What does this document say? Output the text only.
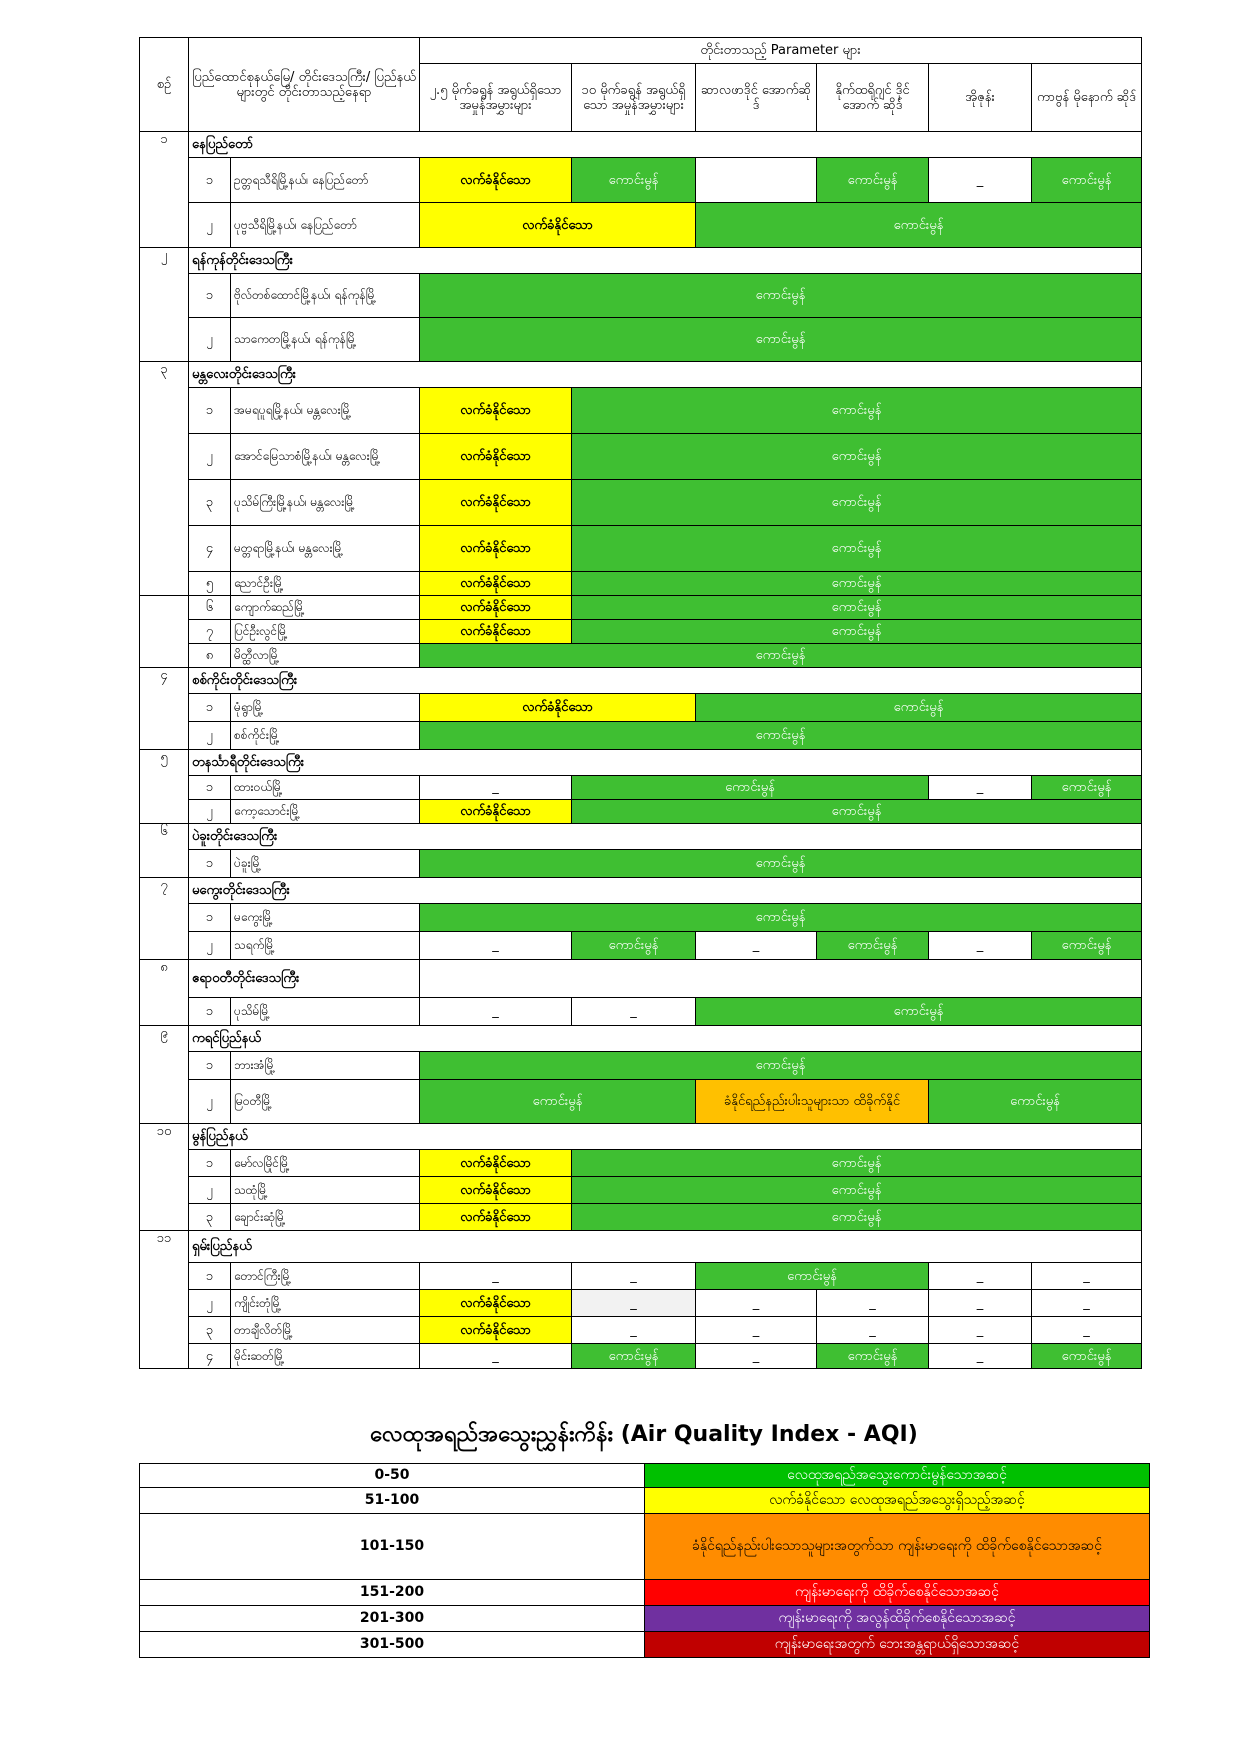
စဉ်	ပြည်ထောင်စုနယ်မြေ/ တိုင်းဒေသကြီး/ ပြည်နယ်များတွင် တိုင်းတာသည့်နေရာ		တိုင်းတာသည့် Parameter များ					
			၂.၅ မိုက်ခရွန် အရွယ်ရှိသော အမှုန်အမွှားများ	၁၀ မိုက်ခရွန် အရွယ်ရှိသော အမှုန်အမွှားများ	ဆာလဖာဒိုင် အောက်ဆိုဒ်	နိုက်ထရိုဂျင် ဒိုင်အောက် ဆိုဒ်	အိုဇုန်း	ကာဗွန် မိုနောက် ဆိုဒ်
၁	နေပြည်တော်							
	၁	ဥတ္တရသီရိမြို့နယ်၊ နေပြည်တော်	လက်ခံနိုင်သော	ကောင်းမွန်		ကောင်းမွန်	_	ကောင်းမွန်
	၂	ပုဗ္ဗသီရိမြို့နယ်၊ နေပြည်တော်	လက်ခံနိုင်သော		ကောင်းမွန်			
၂	ရန်ကုန်တိုင်းဒေသကြီး							
	၁	ဗိုလ်တစ်ထောင်မြို့နယ်၊ ရန်ကုန်မြို့	ကောင်းမွန်					
	၂	သာကေတမြို့နယ်၊ ရန်ကုန်မြို့	ကောင်းမွန်					
၃	မန္တလေးတိုင်းဒေသကြီး							
	၁	အမရပူရမြို့နယ်၊ မန္တလေးမြို့	လက်ခံနိုင်သော	ကောင်းမွန်				
	၂	အောင်မြေသာစံမြို့နယ်၊ မန္တလေးမြို့	လက်ခံနိုင်သော	ကောင်းမွန်				
	၃	ပုသိမ်ကြီးမြို့နယ်၊ မန္တလေးမြို့	လက်ခံနိုင်သော	ကောင်းမွန်				
	၄	မတ္တရာမြို့နယ်၊ မန္တလေးမြို့	လက်ခံနိုင်သော	ကောင်းမွန်				
	၅	ညောင်ဦးမြို့	လက်ခံနိုင်သော	ကောင်းမွန်				
	၆	ကျောက်ဆည်မြို့	လက်ခံနိုင်သော	ကောင်းမွန်				
	၇	ပြင်ဦးလွင်မြို့	လက်ခံနိုင်သော	ကောင်းမွန်				
	၈	မိတ္ထီလာမြို့	ကောင်းမွန်					
၄	စစ်ကိုင်းတိုင်းဒေသကြီး							
	၁	မုံရွာမြို့	လက်ခံနိုင်သော		ကောင်းမွန်			
	၂	စစ်ကိုင်းမြို့	ကောင်းမွန်					
၅	တနင်္သာရီတိုင်းဒေသကြီး							
	၁	ထားဝယ်မြို့	_	ကောင်းမွန်			_	ကောင်းမွန်
	၂	ကော့သောင်းမြို့	လက်ခံနိုင်သော	ကောင်းမွန်				
၆	ပဲခူးတိုင်းဒေသကြီး							
	၁	ပဲခူးမြို့	ကောင်းမွန်					
၇	မကွေးတိုင်းဒေသကြီး							
	၁	မကွေးမြို့	ကောင်းမွန်					
	၂	သရက်မြို့	_	ကောင်းမွန်	_	ကောင်းမွန်	_	ကောင်းမွန်
၈	ဧရာဝတီတိုင်းဒေသကြီး							
	၁	ပုသိမ်မြို့	_	_	ကောင်းမွန်			
၉	ကရင်ပြည်နယ်							
	၁	ဘားအံမြို့	ကောင်းမွန်					
	၂	မြဝတီမြို့	ကောင်းမွန်		ခံနိုင်ရည်နည်းပါးသူများသာ ထိခိုက်နိုင်		ကောင်းမွန်	
၁၀	မွန်ပြည်နယ်							
	၁	မော်လမြိုင်မြို့	လက်ခံနိုင်သော	ကောင်းမွန်				
	၂	သထုံမြို့	လက်ခံနိုင်သော	ကောင်းမွန်				
	၃	ချောင်းဆုံမြို့	လက်ခံနိုင်သော	ကောင်းမွန်				
၁၁	ရှမ်းပြည်နယ်							
	၁	တောင်ကြီးမြို့	_	_	ကောင်းမွန်		_	_
	၂	ကျိုင်းတုံမြို့	လက်ခံနိုင်သော	_	_	_	_	_
	၃	တာချီလိတ်မြို့	လက်ခံနိုင်သော	_	_	_	_	_
	၄	မိုင်းဆတ်မြို့	_	ကောင်းမွန်	_	ကောင်းမွန်	_	ကောင်းမွန်
လေထုအရည်အသွေးညွှန်းကိန်း (Air Quality Index - AQI)
0-50	လေထုအရည်အသွေးကောင်းမွန်သောအဆင့်
51-100	လက်ခံနိုင်သော လေထုအရည်အသွေးရှိသည့်အဆင့်
101-150	ခံနိုင်ရည်နည်းပါးသောသူများအတွက်သာ ကျန်းမာရေးကို ထိခိုက်စေနိုင်သောအဆင့်
151-200	ကျန်းမာရေးကို ထိခိုက်စေနိုင်သောအဆင့်
201-300	ကျန်းမာရေးကို အလွန်ထိခိုက်စေနိုင်သောအဆင့်
301-500	ကျန်းမာရေးအတွက် ဘေးအန္တရာယ်ရှိသောအဆင့်
